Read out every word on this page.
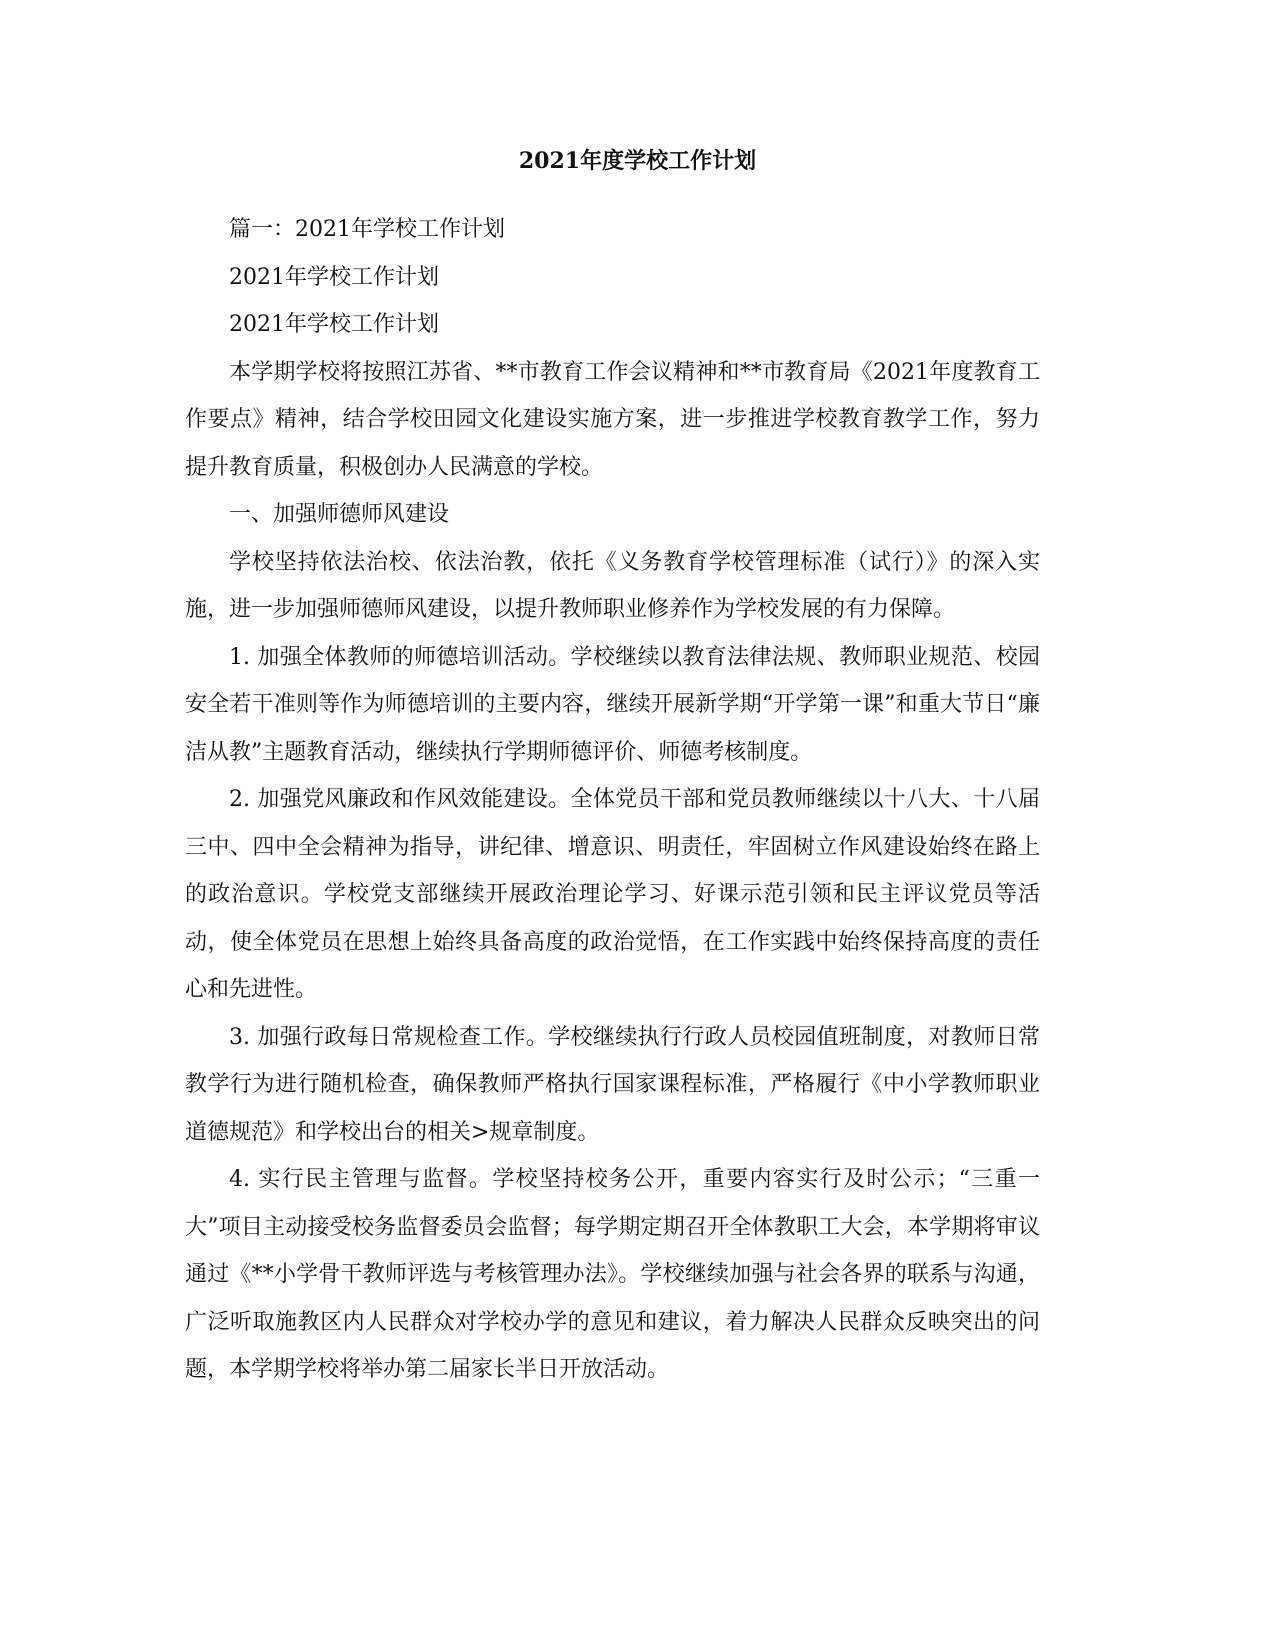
2021年度学校工作计划

篇一：2021年学校工作计划

2021年学校工作计划

2021年学校工作计划

本学期学校将按照江苏省、**市教育工作会议精神和**市教育局《2021年度教育工作要点》精神，结合学校田园文化建设实施方案，进一步推进学校教育教学工作，努力提升教育质量，积极创办人民满意的学校。

一、加强师德师风建设

学校坚持依法治校、依法治教，依托《义务教育学校管理标准（试行）》的深入实施，进一步加强师德师风建设，以提升教师职业修养作为学校发展的有力保障。

1. 加强全体教师的师德培训活动。学校继续以教育法律法规、教师职业规范、校园安全若干准则等作为师德培训的主要内容，继续开展新学期“开学第一课”和重大节日“廉洁从教”主题教育活动，继续执行学期师德评价、师德考核制度。

2. 加强党风廉政和作风效能建设。全体党员干部和党员教师继续以十八大、十八届三中、四中全会精神为指导，讲纪律、增意识、明责任，牢固树立作风建设始终在路上的政治意识。学校党支部继续开展政治理论学习、好课示范引领和民主评议党员等活动，使全体党员在思想上始终具备高度的政治觉悟，在工作实践中始终保持高度的责任心和先进性。

3. 加强行政每日常规检查工作。学校继续执行行政人员校园值班制度，对教师日常教学行为进行随机检查，确保教师严格执行国家课程标准，严格履行《中小学教师职业道德规范》和学校出台的相关>规章制度。

4. 实行民主管理与监督。学校坚持校务公开，重要内容实行及时公示；“三重一大”项目主动接受校务监督委员会监督；每学期定期召开全体教职工大会，本学期将审议通过《**小学骨干教师评选与考核管理办法》。学校继续加强与社会各界的联系与沟通，广泛听取施教区内人民群众对学校办学的意见和建议，着力解决人民群众反映突出的问题，本学期学校将举办第二届家长半日开放活动。
